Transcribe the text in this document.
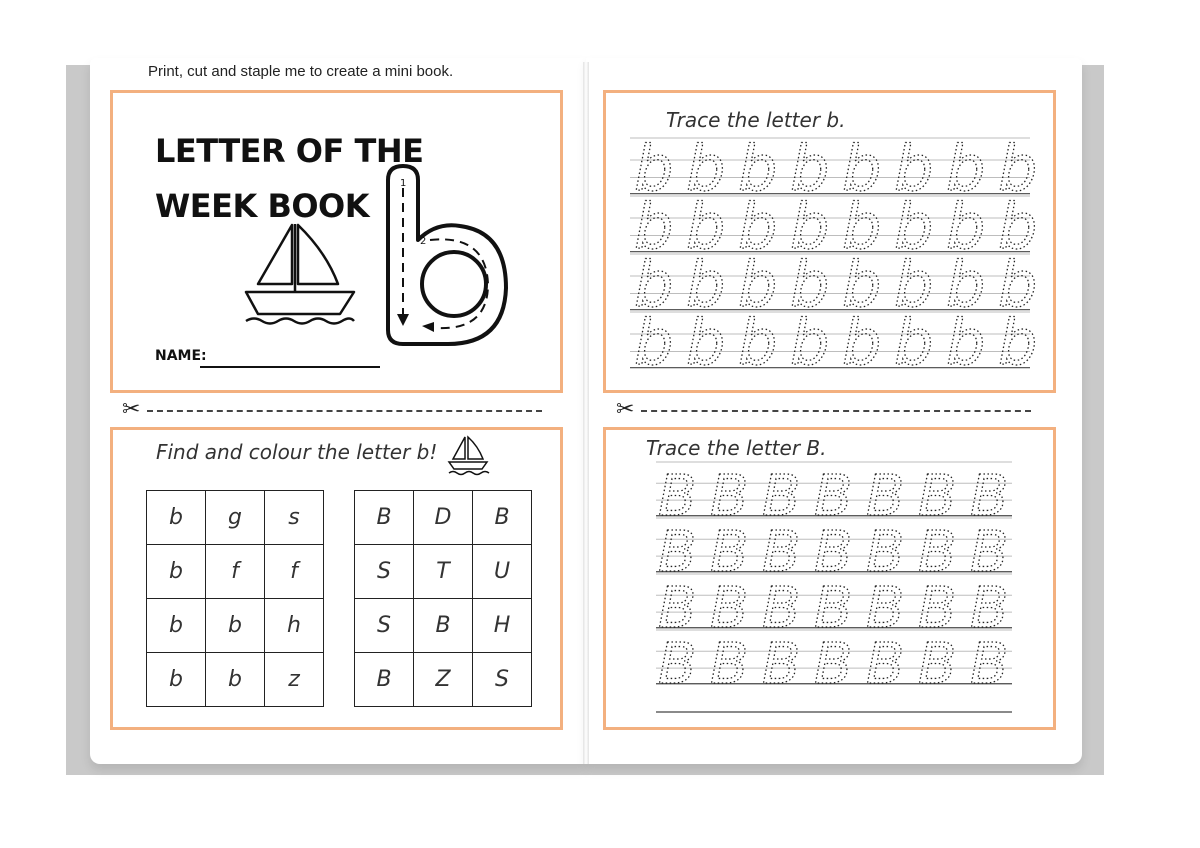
Print, cut and staple me to create a mini book.
LETTER OF THE
WEEK BOOK
1
2
NAME:
Trace the letter b.
b b b b b b b b
b b b b b b b b
b b b b b b b b
b b b b b b b b
✂	✂
Find and colour the letter b!
b	g	s
b	f	f
b	b	h
b	b	z
B	D	B
S	T	U
S	B	H
B	Z	S
Trace the letter B.
B B B B B B B
B B B B B B B
B B B B B B B
B B B B B B B
